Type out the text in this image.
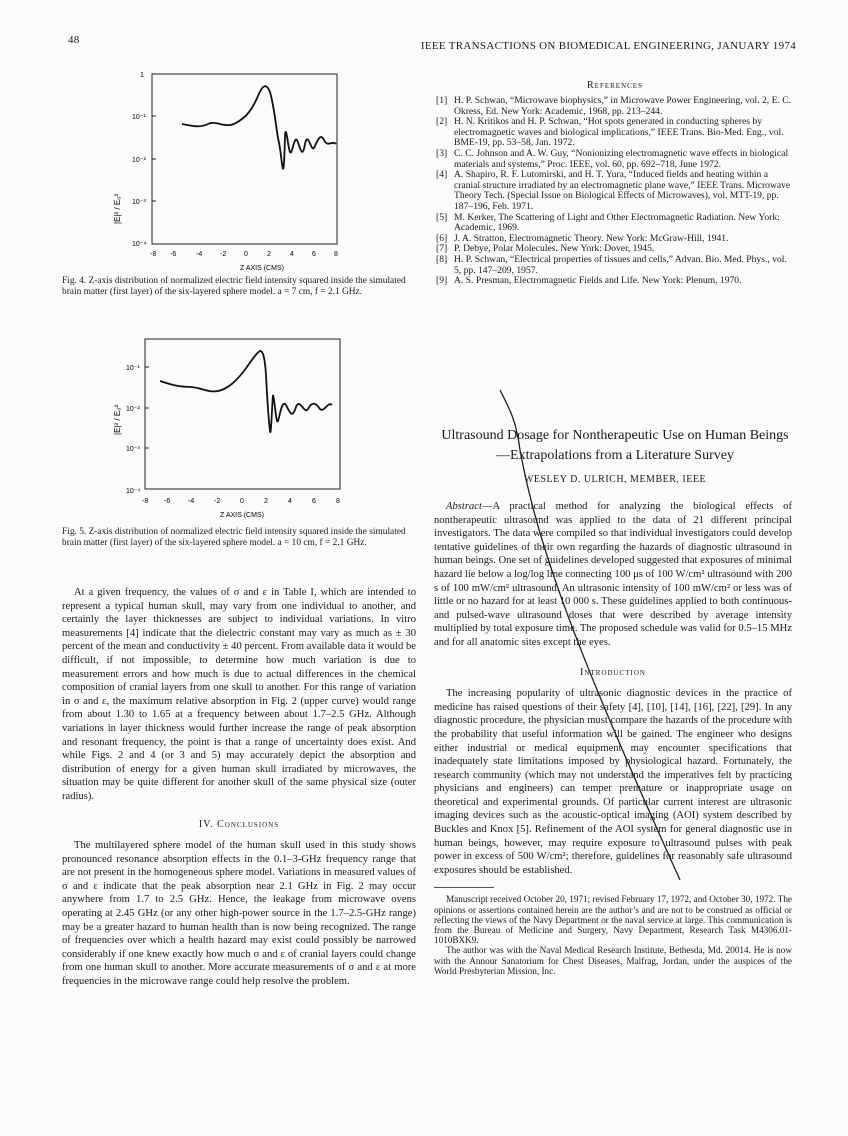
48	IEEE TRANSACTIONS ON BIOMEDICAL ENGINEERING, JANUARY 1974
|E|² / E₀²
1
10⁻¹
10⁻²
10⁻³
10⁻⁴
-8 -6	-4	-2	0	2	4	6	8
Z AXIS (CMS)
Fig. 4. Z-axis distribution of normalized electric field intensity squared inside the simulated brain matter (first layer) of the six-layered sphere model. a = 7 cm, f = 2.1 GHz.
|E|² / E₀²
10⁻¹
10⁻²
10⁻³
10⁻⁴
-8 -6	-4	-2	0	2	4	6	8
Z AXIS (CMS)
Fig. 5. Z-axis distribution of normalized electric field intensity squared inside the simulated brain matter (first layer) of the six-layered sphere model. a = 10 cm, f = 2.1 GHz.

At a given frequency, the values of σ and ε in Table I, which are intended to represent a typical human skull, may vary from one individual to another, and certainly the layer thicknesses are subject to individual variations. In vitro measurements [4] indicate that the dielectric constant may vary as much as ± 30 percent of the mean and conductivity ± 40 percent. From available data it would be difficult, if not impossible, to determine how much variation is due to measurement errors and how much is due to actual differences in the chemical composition of cranial layers from one skull to another. For this range of variation in σ and ε, the maximum relative absorption in Fig. 2 (upper curve) would range from about 1.30 to 1.65 at a frequency between about 1.7–2.5 GHz. Although variations in layer thickness would further increase the range of peak absorption and resonant frequency, the point is that a range of uncertainty does exist. And while Figs. 2 and 4 (or 3 and 5) may accurately depict the absorption and distribution of energy for a given human skull irradiated by microwaves, the situation may be quite different for another skull of the same physical size (outer radius).

IV. Conclusions

The multilayered sphere model of the human skull used in this study shows pronounced resonance absorption effects in the 0.1–3-GHz frequency range that are not present in the homogeneous sphere model. Variations in measured values of σ and ε indicate that the peak absorption near 2.1 GHz in Fig. 2 may occur anywhere from 1.7 to 2.5 GHz. Hence, the leakage from microwave ovens operating at 2.45 GHz (or any other high-power source in the 1.7–2.5-GHz range) may be a greater hazard to human health than is now being recognized. The range of frequencies over which a health hazard may exist could possibly be narrowed considerably if one knew exactly how much σ and ε of cranial layers could change from one human skull to another. More accurate measurements of σ and ε at more frequencies in the microwave range could help resolve the problem.

References
[1] H. P. Schwan, “Microwave biophysics,” in Microwave Power Engineering, vol. 2, E. C. Okress, Ed. New York: Academic, 1968, pp. 213–244.
[2] H. N. Kritikos and H. P. Schwan, “Hot spots generated in conducting spheres by electromagnetic waves and biological implications,” IEEE Trans. Bio-Med. Eng., vol. BME-19, pp. 53–58, Jan. 1972.
[3] C. C. Johnson and A. W. Guy, “Nonionizing electromagnetic wave effects in biological materials and systems,” Proc. IEEE, vol. 60, pp. 692–718, June 1972.
[4] A. Shapiro, R. F. Lutomirski, and H. T. Yura, “Induced fields and heating within a cranial structure irradiated by an electromagnetic plane wave,” IEEE Trans. Microwave Theory Tech. (Special Issue on Biological Effects of Microwaves), vol. MTT-19, pp. 187–196, Feb. 1971.
[5] M. Kerker, The Scattering of Light and Other Electromagnetic Radiation. New York: Academic, 1969.
[6] J. A. Stratton, Electromagnetic Theory. New York: McGraw-Hill, 1941.
[7] P. Debye, Polar Molecules. New York: Dover, 1945.
[8] H. P. Schwan, “Electrical properties of tissues and cells,” Advan. Bio. Med. Phys., vol. 5, pp. 147–209, 1957.
[9] A. S. Presman, Electromagnetic Fields and Life. New York: Plenum, 1970.
Ultrasound Dosage for Nontherapeutic Use on Human Beings—Extrapolations from a Literature Survey
WESLEY D. ULRICH, MEMBER, IEEE

Abstract—A practical method for analyzing the biological effects of nontherapeutic ultrasound was applied to the data of 21 different principal investigators. The data were compiled so that individual investigators could develop tentative guidelines of their own regarding the hazards of diagnostic ultrasound in human beings. One set of guidelines developed suggested that exposures of minimal hazard lie below a log/log line connecting 100 μs of 100 W/cm² ultrasound with 200 s of 100 mW/cm² ultrasound. An ultrasonic intensity of 100 mW/cm² or less was of little or no hazard for at least 10 000 s. These guidelines applied to both continuous- and pulsed-wave ultrasound doses that were described by average intensity multiplied by total exposure time. The proposed schedule was valid for 0.5–15 MHz and for all anatomic sites except the eyes.

Introduction

The increasing popularity of ultrasonic diagnostic devices in the practice of medicine has raised questions of their safety [4], [10], [14], [16], [22], [29]. In any diagnostic procedure, the physician must compare the hazards of the procedure with the probability that useful information will be gained. The engineer who designs either industrial or medical equipment may encounter specifications that inadequately state limitations imposed by physiological hazard. Fortunately, the research community (which may not understand the imperatives felt by practicing physicians and engineers) can temper premature or inappropriate usage on theoretical and experimental grounds. Of particular current interest are ultrasonic imaging devices such as the acoustic-optical imaging (AOI) system described by Buckles and Knox [5]. Refinement of the AOI system for general diagnostic use in human beings, however, may require exposure to ultrasound pulses with peak power in excess of 500 W/cm²; therefore, guidelines for reasonably safe ultrasound exposures should be established.

Manuscript received October 20, 1971; revised February 17, 1972, and October 30, 1972. The opinions or assertions contained herein are the author’s and are not to be construed as official or reflecting the views of the Navy Department or the naval service at large. This communication is from the Bureau of Medicine and Surgery, Navy Department, Research Task M4306.01-1010BXK9.

The author was with the Naval Medical Research Institute, Bethesda, Md. 20014. He is now with the Annour Sanatorium for Chest Diseases, Malfrag, Jordan, under the auspices of the World Presbyterian Mission, Inc.
